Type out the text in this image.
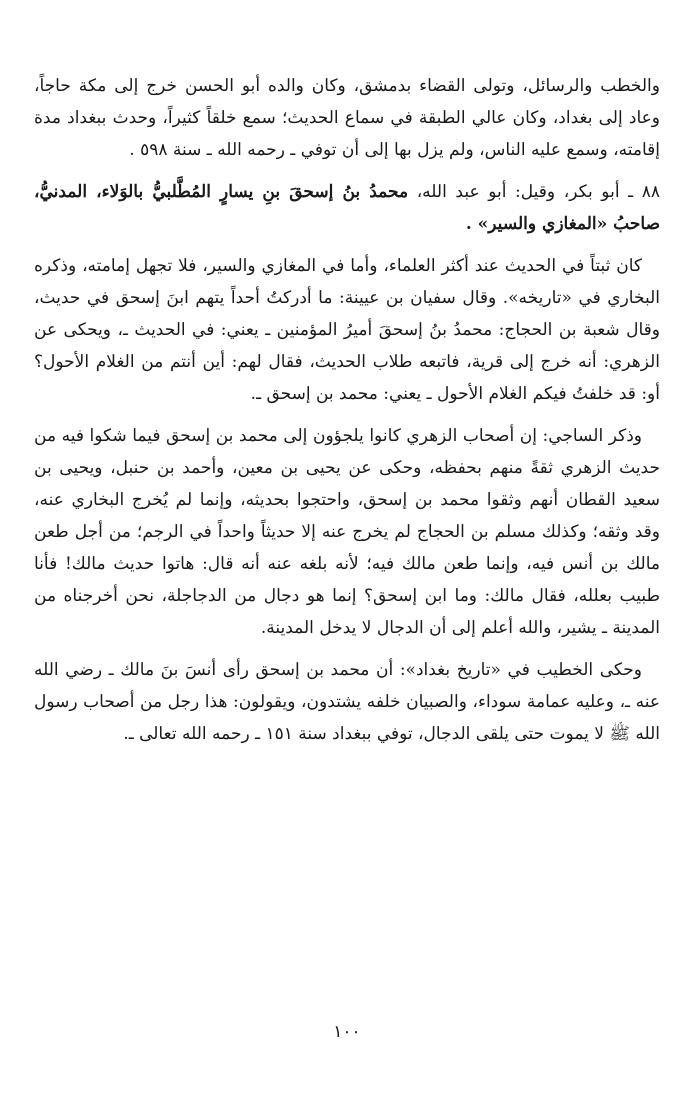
والخطب والرسائل، وتولى القضاء بدمشق، وكان والده أبو الحسن خرج إلى مكة حاجاً، وعاد إلى بغداد، وكان عالي الطبقة في سماع الحديث؛ سمع خلقاً كثيراً، وحدث ببغداد مدة إقامته، وسمع عليه الناس، ولم يزل بها إلى أن توفي ـ رحمه الله ـ سنة ٥٩٨ .

٨٨ ـ أبو بكر، وقيل: أبو عبد الله، محمدُ بنُ إسحقَ بنِ يسارٍ المُطَّلبيُّ بالوَلاء، المدنيُّ، صاحبُ «المغازي والسير» .

كان ثبتاً في الحديث عند أكثر العلماء، وأما في المغازي والسير، فلا تجهل إمامته، وذكره البخاري في «تاريخه». وقال سفيان بن عيينة: ما أدركتُ أحداً يتهم ابنَ إسحق في حديث، وقال شعبة بن الحجاج: محمدُ بنُ إسحقَ أميرُ المؤمنين ـ يعني: في الحديث ـ، ويحكى عن الزهري: أنه خرج إلى قرية، فاتبعه طلاب الحديث، فقال لهم: أين أنتم من الغلام الأحول؟ أو: قد خلفتُ فيكم الغلام الأحول ـ يعني: محمد بن إسحق ـ.

وذكر الساجي: إن أصحاب الزهري كانوا يلجؤون إلى محمد بن إسحق فيما شكوا فيه من حديث الزهري ثقةً منهم بحفظه، وحكى عن يحيى بن معين، وأحمد بن حنبل، ويحيى بن سعيد القطان أنهم وثقوا محمد بن إسحق، واحتجوا بحديثه، وإنما لم يُخرج البخاري عنه، وقد وثقه؛ وكذلك مسلم بن الحجاج لم يخرج عنه إلا حديثاً واحداً في الرجم؛ من أجل طعن مالك بن أنس فيه، وإنما طعن مالك فيه؛ لأنه بلغه عنه أنه قال: هاتوا حديث مالك! فأنا طبيب بعلله، فقال مالك: وما ابن إسحق؟ إنما هو دجال من الدجاجلة، نحن أخرجناه من المدينة ـ يشير، والله أعلم إلى أن الدجال لا يدخل المدينة.

وحكى الخطيب في «تاريخ بغداد»: أن محمد بن إسحق رأى أنسَ بنَ مالك ـ رضي الله عنه ـ، وعليه عمامة سوداء، والصبيان خلفه يشتدون، ويقولون: هذا رجل من أصحاب رسول الله ﷺ لا يموت حتى يلقى الدجال، توفي ببغداد سنة ١٥١ ـ رحمه الله تعالى ـ.

١٠٠
